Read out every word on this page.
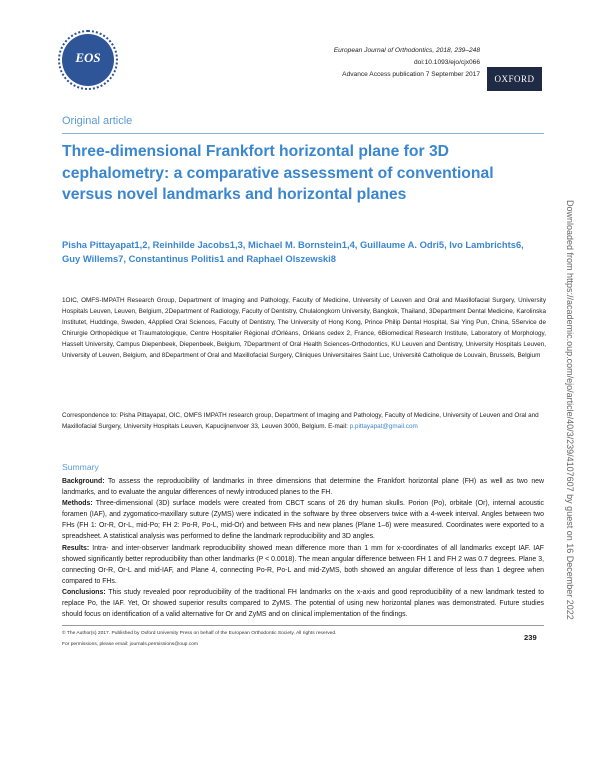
EOS	European Journal of Orthodontics, 2018, 239–248
doi:10.1093/ejo/cjx066
Advance Access publication 7 September 2017	OXFORD
Original article
Three-dimensional Frankfort horizontal plane for 3D cephalometry: a comparative assessment of conventional versus novel landmarks and horizontal planes
Pisha Pittayapat1,2, Reinhilde Jacobs1,3, Michael M. Bornstein1,4, Guillaume A. Odri5, Ivo Lambrichts6, Guy Willems7, Constantinus Politis1 and Raphael Olszewski8
1OIC, OMFS-IMPATH Research Group, Department of Imaging and Pathology, Faculty of Medicine, University of Leuven and Oral and Maxillofacial Surgery, University Hospitals Leuven, Leuven, Belgium, 2Department of Radiology, Faculty of Dentistry, Chulalongkorn University, Bangkok, Thailand, 3Department Dental Medicine, Karolinska Institutet, Huddinge, Sweden, 4Applied Oral Sciences, Faculty of Dentistry, The University of Hong Kong, Prince Philip Dental Hospital, Sai Ying Pun, China, 5Service de Chirurgie Orthopédique et Traumatologique, Centre Hospitalier Régional d'Orléans, Orléans cedex 2, France, 6Biomedical Research Institute, Laboratory of Morphology, Hasselt University, Campus Diepenbeek, Diepenbeek, Belgium, 7Department of Oral Health Sciences-Orthodontics, KU Leuven and Dentistry, University Hospitals Leuven, University of Leuven, Belgium, and 8Department of Oral and Maxillofacial Surgery, Cliniques Universitaires Saint Luc, Université Catholique de Louvain, Brussels, Belgium
Correspondence to: Pisha Pittayapat, OIC, OMFS IMPATH research group, Department of Imaging and Pathology, Faculty of Medicine, University of Leuven and Oral and Maxillofacial Surgery, University Hospitals Leuven, Kapucijnenvoer 33, Leuven 3000, Belgium. E-mail: p.pittayapat@gmail.com
Summary
Background: To assess the reproducibility of landmarks in three dimensions that determine the Frankfort horizontal plane (FH) as well as two new landmarks, and to evaluate the angular differences of newly introduced planes to the FH.
Methods: Three-dimensional (3D) surface models were created from CBCT scans of 26 dry human skulls. Porion (Po), orbitale (Or), internal acoustic foramen (IAF), and zygomatico-maxillary suture (ZyMS) were indicated in the software by three observers twice with a 4-week interval. Angles between two FHs (FH 1: Or-R, Or-L, mid-Po; FH 2: Po-R, Po-L, mid-Or) and between FHs and new planes (Plane 1–6) were measured. Coordinates were exported to a spreadsheet. A statistical analysis was performed to define the landmark reproducibility and 3D angles.
Results: Intra- and inter-observer landmark reproducibility showed mean difference more than 1 mm for x-coordinates of all landmarks except IAF. IAF showed significantly better reproducibility than other landmarks (P < 0.0018). The mean angular difference between FH 1 and FH 2 was 0.7 degrees. Plane 3, connecting Or-R, Or-L and mid-IAF, and Plane 4, connecting Po-R, Po-L and mid-ZyMS, both showed an angular difference of less than 1 degree when compared to FHs.
Conclusions: This study revealed poor reproducibility of the traditional FH landmarks on the x-axis and good reproducibility of a new landmark tested to replace Po, the IAF. Yet, Or showed superior results compared to ZyMS. The potential of using new horizontal planes was demonstrated. Future studies should focus on identification of a valid alternative for Or and ZyMS and on clinical implementation of the findings.
© The Author(s) 2017. Published by Oxford University Press on behalf of the European Orthodontic Society. All rights reserved.
For permissions, please email: journals.permissions@oup.com
239
Downloaded from https://academic.oup.com/ejo/article/40/3/239/4107607 by guest on 16 December 2022
